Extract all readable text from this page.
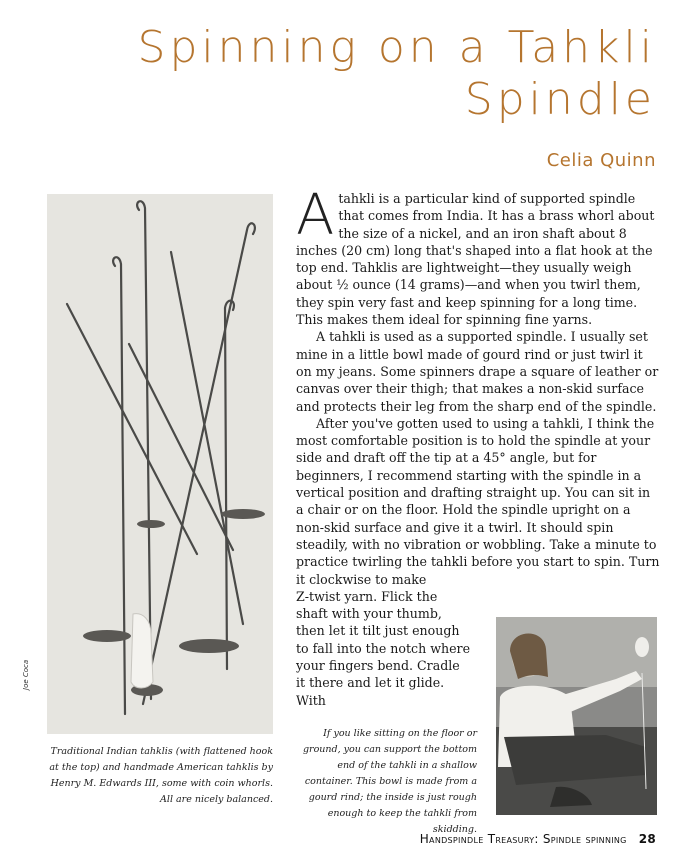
Spinning on a Tahkli
Spindle
Celia Quinn
Joe Coca
Traditional Indian tahklis (with flattened hook at the top) and handmade American tahklis by Henry M. Edwards III, some with coin whorls. All are nicely balanced.

Atahkli is a particular kind of supported spindle that comes from India. It has a brass whorl about the size of a nickel, and an iron shaft about 8 inches (20 cm) long that's shaped into a flat hook at the top end. Tahklis are lightweight—they usually weigh about ½ ounce (14 grams)—and when you twirl them, they spin very fast and keep spinning for a long time. This makes them ideal for spinning fine yarns.

A tahkli is used as a supported spindle. I usually set mine in a little bowl made of gourd rind or just twirl it on my jeans. Some spinners drape a square of leather or canvas over their thigh; that makes a non-skid surface and protects their leg from the sharp end of the spindle.

After you've gotten used to using a tahkli, I think the most comfortable position is to hold the spindle at your side and draft off the tip at a 45° angle, but for beginners, I recommend starting with the spindle in a vertical position and drafting straight up. You can sit in a chair or on the floor. Hold the spindle upright on a non-skid surface and give it a twirl. It should spin steadily, with no vibration or wobbling. Take a minute to practice twirling the tahkli before you start to spin. Turn it clockwise to make

Z-twist yarn. Flick the shaft with your thumb, then let it tilt just enough to fall into the notch where your fingers bend. Cradle it there and let it glide. With

If you like sitting on the floor or ground, you can support the bottom end of the tahkli in a shallow container. This bowl is made from a gourd rind; the inside is just rough enough to keep the tahkli from skidding.
Handspindle Treasury: Spindle spinning 28
